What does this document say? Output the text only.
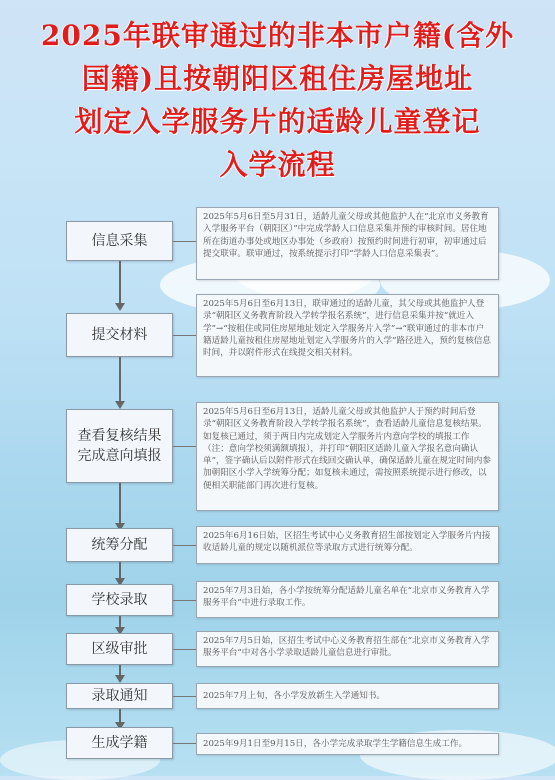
2025年联审通过的非本市户籍(含外
国籍)且按朝阳区租住房屋地址
划定入学服务片的适龄儿童登记
入学流程
信息采集
2025年5月6日至5月31日，适龄儿童父母或其他监护人在“北京市义务教育入学服务平台（朝阳区）”中完成学龄人口信息采集并预约审核时间。居住地所在街道办事处或地区办事处（乡政府）按预约时间进行初审，初审通过后提交联审。联审通过，按系统提示打印“学龄人口信息采集表”。
提交材料
2025年5月6日至6月13日，联审通过的适龄儿童，其父母或其他监护人登录“朝阳区义务教育阶段入学转学报名系统”，进行信息采集并按“就近入学”→“按租住或同住房屋地址划定入学服务片入学”→“联审通过的非本市户籍适龄儿童按租住房屋地址划定入学服务片的入学”路径进入，预约复核信息时间，并以附件形式在线提交相关材料。
查看复核结果
完成意向填报
2025年5月6日至6月13日，适龄儿童父母或其他监护人于预约时间后登录“朝阳区义务教育阶段入学转学报名系统”，查看适龄儿童信息复核结果。如复核已通过，须于两日内完成划定入学服务片内意向学校的填报工作（注：意向学校须满额填报），并打印“朝阳区适龄儿童入学报名意向确认单”，签字确认后以附件形式在线回交确认单，确保适龄儿童在规定时间内参加朝阳区小学入学统筹分配；如复核未通过，需按照系统提示进行修改，以便相关职能部门再次进行复核。
统筹分配
2025年6月16日始，区招生考试中心义务教育招生部按划定入学服务片内接收适龄儿童的规定以随机派位等录取方式进行统筹分配。
学校录取
2025年7月3日始，各小学按统筹分配适龄儿童名单在“北京市义务教育入学服务平台”中进行录取工作。
区级审批	2025年7月5日始，区招生考试中心义务教育招生部在“北京市义务教育入学服务平台”中对各小学录取适龄儿童信息进行审批。
录取通知	2025年7月上旬，各小学发放新生入学通知书。
生成学籍	2025年9月1日至9月15日，各小学完成录取学生学籍信息生成工作。
